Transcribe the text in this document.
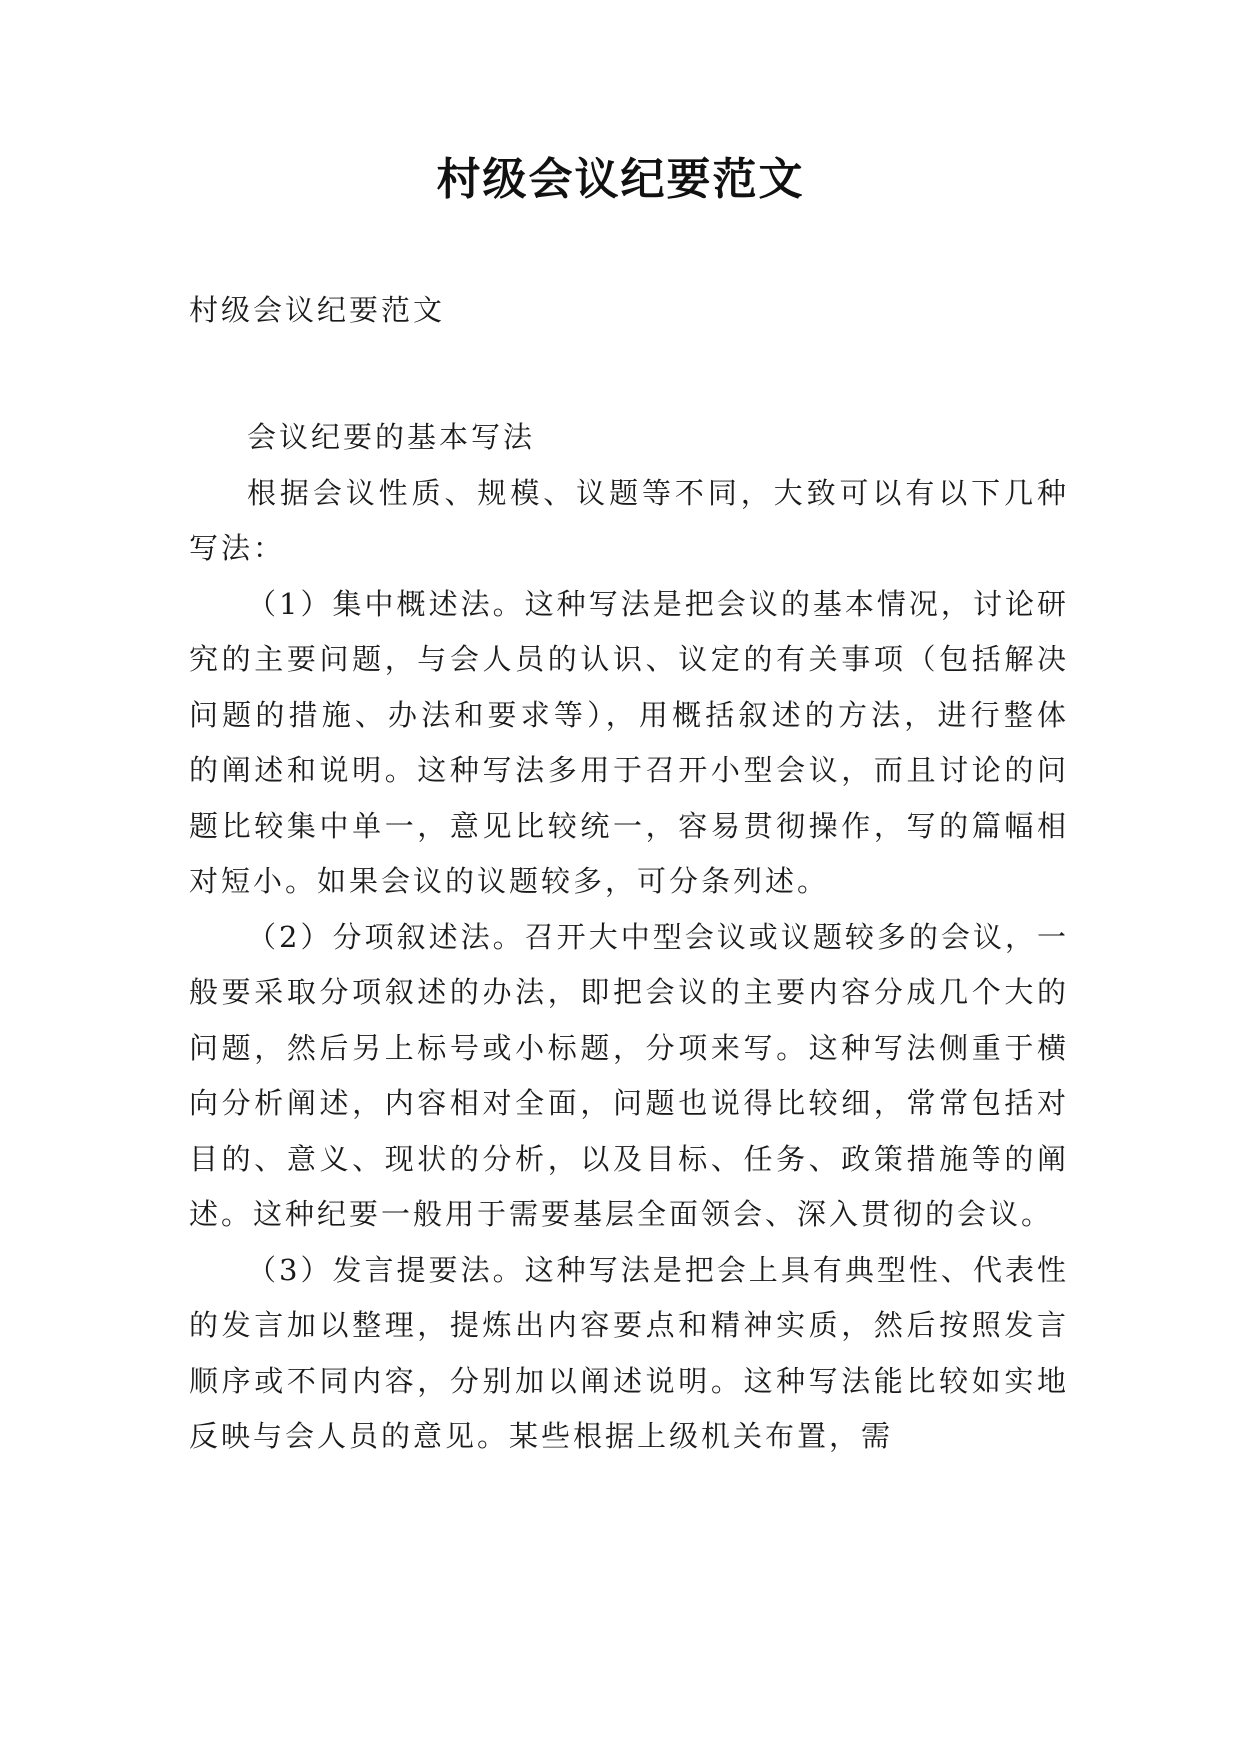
村级会议纪要范文
村级会议纪要范文

会议纪要的基本写法

根据会议性质、规模、议题等不同，大致可以有以下几种写法：

（1）集中概述法。这种写法是把会议的基本情况，讨论研究的主要问题，与会人员的认识、议定的有关事项（包括解决问题的措施、办法和要求等），用概括叙述的方法，进行整体的阐述和说明。这种写法多用于召开小型会议，而且讨论的问题比较集中单一，意见比较统一，容易贯彻操作，写的篇幅相对短小。如果会议的议题较多，可分条列述。

（2）分项叙述法。召开大中型会议或议题较多的会议，一般要采取分项叙述的办法，即把会议的主要内容分成几个大的问题，然后另上标号或小标题，分项来写。这种写法侧重于横向分析阐述，内容相对全面，问题也说得比较细，常常包括对目的、意义、现状的分析，以及目标、任务、政策措施等的阐述。这种纪要一般用于需要基层全面领会、深入贯彻的会议。

（3）发言提要法。这种写法是把会上具有典型性、代表性的发言加以整理，提炼出内容要点和精神实质，然后按照发言顺序或不同内容，分别加以阐述说明。这种写法能比较如实地反映与会人员的意见。某些根据上级机关布置，需
